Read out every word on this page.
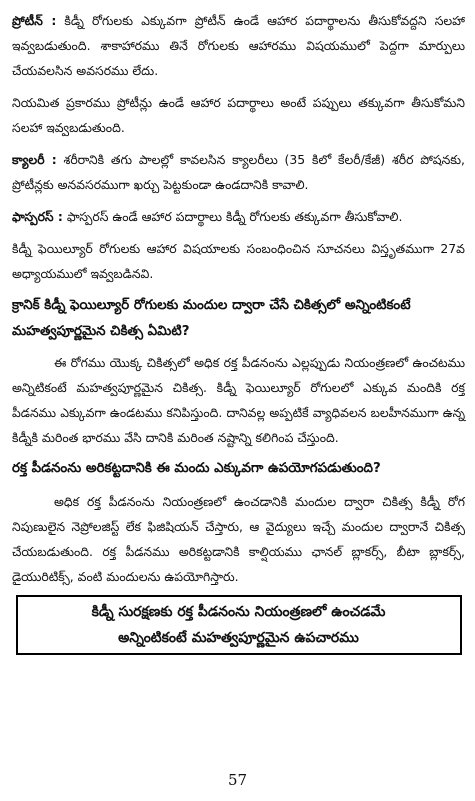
ప్రోటీన్ : కిడ్నీ రోగులకు ఎక్కువగా ప్రోటీన్ ఉండే ఆహార పదార్థాలను తీసుకోవద్దని సలహా ఇవ్వబడుతుంది. శాకాహారము తినే రోగులకు ఆహారము విషయములో పెద్దగా మార్పులు చేయవలసిన అవసరము లేదు.

నియమిత ప్రకారము ప్రోటీన్లు ఉండే ఆహార పదార్థాలు అంటే పప్పులు తక్కువగా తీసుకోమని సలహా ఇవ్వబడుతుంది.

క్యాలరీ : శరీరానికి తగు పాలల్లో కావలసిన క్యాలరీలు (35 కిలో కేలరీ/కేజీ) శరీర పోషనకు, ప్రోటీన్లకు అనవసరముగా ఖర్చు పెట్టకుండా ఉండదానికి కావాలి.

ఫాస్పరస్ : ఫాస్పరస్ ఉండే ఆహార పదార్థాలు కిడ్నీ రోగులకు తక్కువగా తీసుకోవాలి.

కిడ్నీ ఫెయిల్యూర్ రోగులకు ఆహార విషయాలకు సంబంధించిన సూచనలు విస్తృతముగా 27వ అధ్యాయములో ఇవ్వబడినవి.

క్రానిక్ కిడ్నీ ఫెయిల్యూర్ రోగులకు మందుల ద్వారా చేసే చికిత్సలో అన్నింటికంటే మహత్వపూర్ణమైన చికిత్స ఏమిటి?

ఈ రోగము యొక్క చికిత్సలో అధిక రక్త పీడనంను ఎల్లప్పుడు నియంత్రణలో ఉంచటము అన్నిటికంటే మహత్వపూర్ణమైన చికిత్స. కిడ్నీ ఫెయిల్యూర్ రోగులలో ఎక్కువ మందికి రక్త పీడనము ఎక్కువగా ఉండటము కనిపిస్తుంది. దానివల్ల అప్పటికే వ్యాధివలన బలహీనముగా ఉన్న కిడ్నీకి మరింత భారము వేసి దానికి మరింత నష్టాన్ని కలిగింప చేస్తుంది.

రక్త పీడనంను అరికట్టదానికి ఈ మందు ఎక్కువగా ఉపయోగపడుతుంది?

అధిక రక్త పీడనంను నియంత్రణలో ఉంచడానికి మందుల ద్వారా చికిత్స కిడ్నీ రోగ నిపుణులైన నెప్రోలజిస్ట్ లేక ఫిజిషియన్ చేస్తారు, ఆ వైద్యులు ఇచ్చే మందుల ద్వారానే చికిత్స చేయబడుతుంది. రక్త పీడనము అరికట్టడానికి కాల్షియము ఛానల్ బ్లాకర్స్, బీటా బ్లాకర్స్, డైయురిటిక్స్, వంటి మందులను ఉపయోగిస్తారు.

కిడ్నీ సురక్షణకు రక్త పీడనంను నియంత్రణలో ఉంచడమే
అన్నింటికంటే మహత్వపూర్ణమైన ఉపచారము
57
